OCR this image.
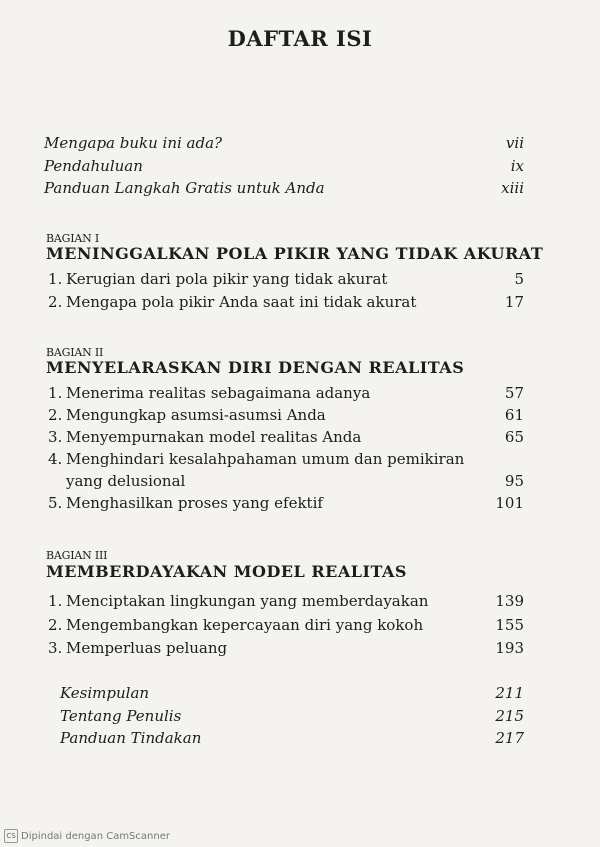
DAFTAR ISI
Mengapa buku ini ada?	vii
Pendahuluan	ix
Panduan Langkah Gratis untuk Anda	xiii
BAGIAN I
MENINGGALKAN POLA PIKIR YANG TIDAK AKURAT
1. Kerugian dari pola pikir yang tidak akurat	5
2. Mengapa pola pikir Anda saat ini tidak akurat	17
BAGIAN II
MENYELARASKAN DIRI DENGAN REALITAS
1. Menerima realitas sebagaimana adanya	57
2. Mengungkap asumsi-asumsi Anda	61
3. Menyempurnakan model realitas Anda	65
4. Menghindari kesalahpahaman umum dan pemikiran
yang delusional	95
5. Menghasilkan proses yang efektif	101
BAGIAN III
MEMBERDAYAKAN MODEL REALITAS
1. Menciptakan lingkungan yang memberdayakan	139
2. Mengembangkan kepercayaan diri yang kokoh	155
3. Memperluas peluang	193
Kesimpulan	211
Tentang Penulis	215
Panduan Tindakan	217
CS Dipindai dengan CamScanner
